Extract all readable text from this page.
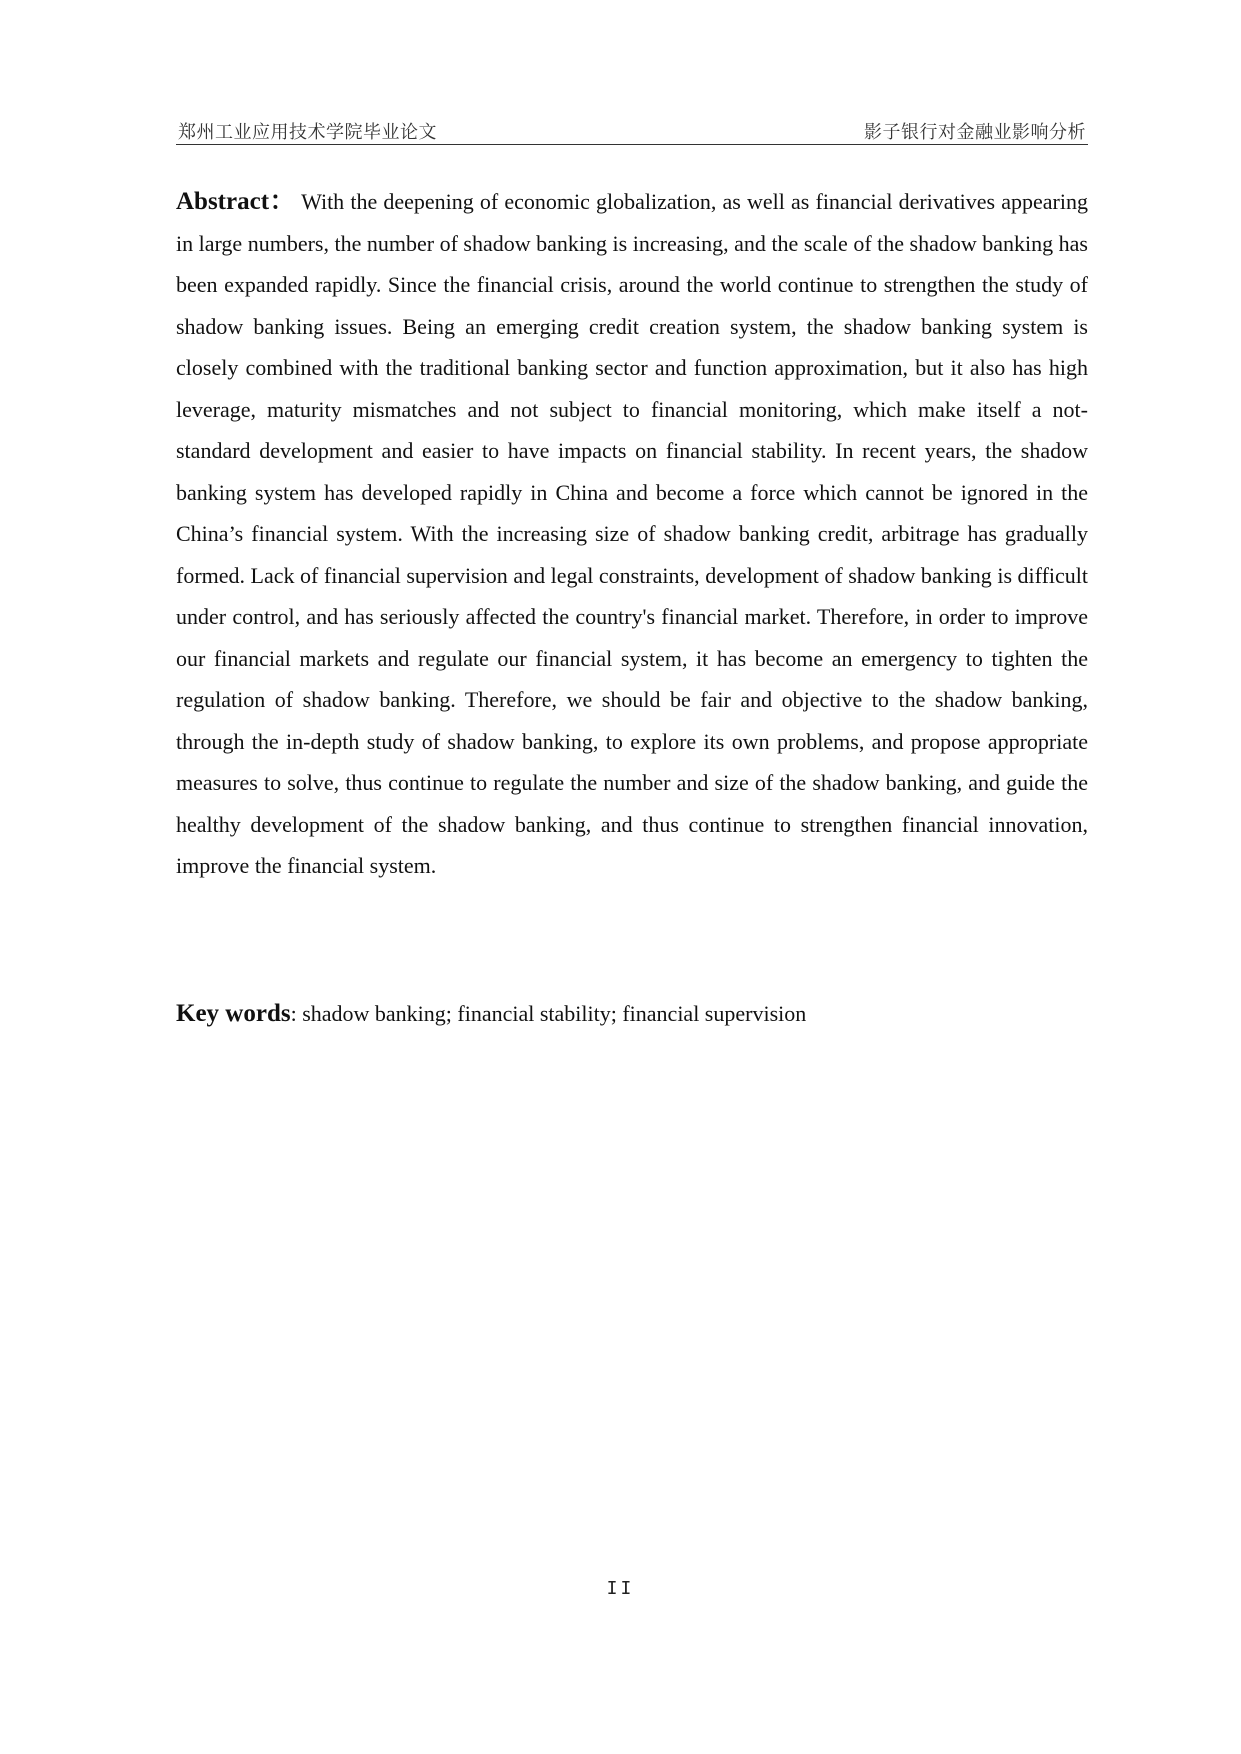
郑州工业应用技术学院毕业论文	影子银行对金融业影响分析

Abstract： With the deepening of economic globalization, as well as financial derivatives appearing in large numbers, the number of shadow banking is increasing, and the scale of the shadow banking has been expanded rapidly. Since the financial crisis, around the world continue to strengthen the study of shadow banking issues. Being an emerging credit creation system, the shadow banking system is closely combined with the traditional banking sector and function approximation, but it also has high leverage, maturity mismatches and not subject to financial monitoring, which make itself a not-standard development and easier to have impacts on financial stability. In recent years, the shadow banking system has developed rapidly in China and become a force which cannot be ignored in the China’s financial system. With the increasing size of shadow banking credit, arbitrage has gradually formed. Lack of financial supervision and legal constraints, development of shadow banking is difficult under control, and has seriously affected the country's financial market. Therefore, in order to improve our financial markets and regulate our financial system, it has become an emergency to tighten the regulation of shadow banking. Therefore, we should be fair and objective to the shadow banking, through the in-depth study of shadow banking, to explore its own problems, and propose appropriate measures to solve, thus continue to regulate the number and size of the shadow banking, and guide the healthy development of the shadow banking, and thus continue to strengthen financial innovation, improve the financial system.

Key words: shadow banking; financial stability; financial supervision

II
